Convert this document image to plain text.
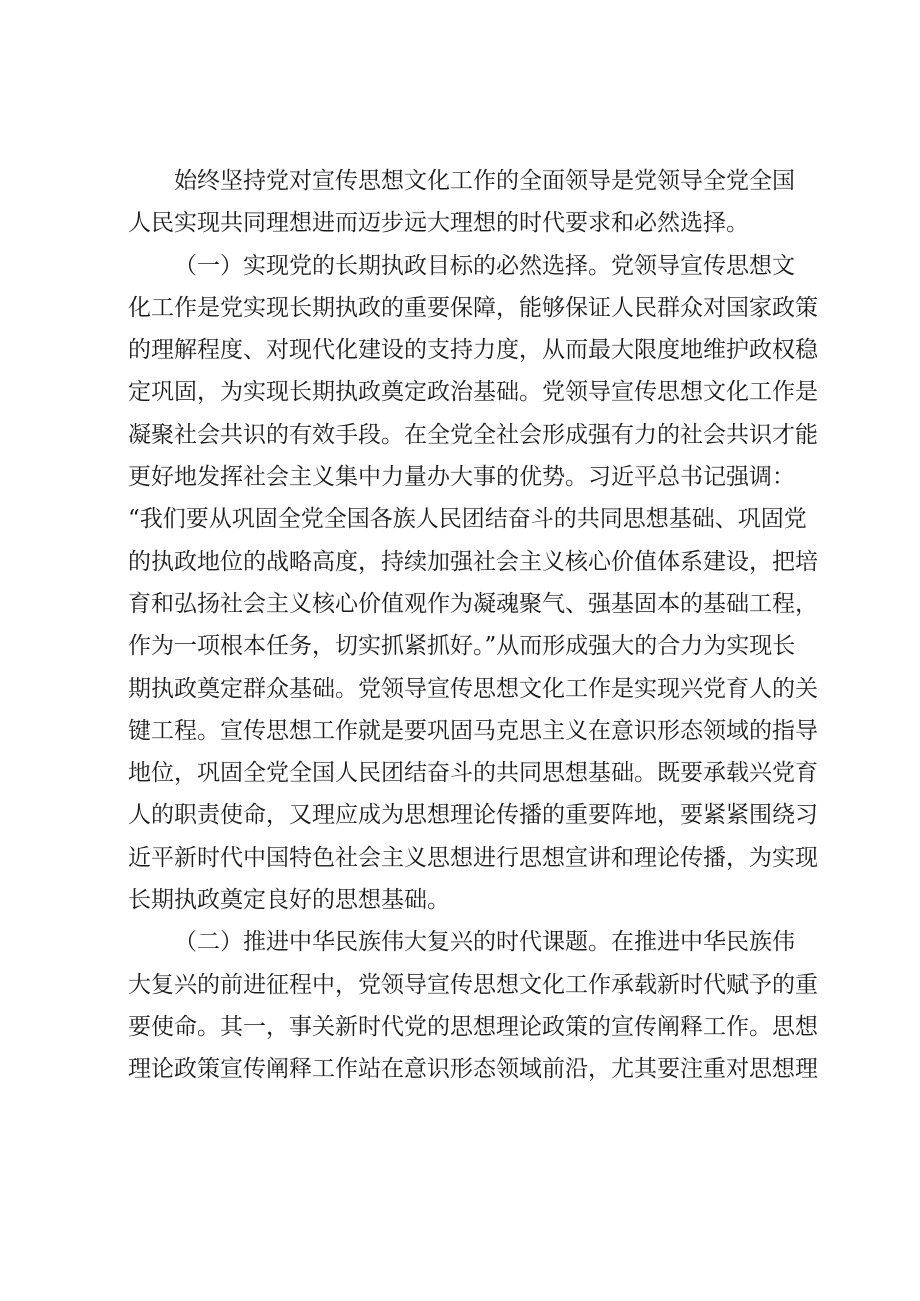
始终坚持党对宣传思想文化工作的全面领导是党领导全党全国
人民实现共同理想进而迈步远大理想的时代要求和必然选择。
（一）实现党的长期执政目标的必然选择。党领导宣传思想文
化工作是党实现长期执政的重要保障，能够保证人民群众对国家政策
的理解程度、对现代化建设的支持力度，从而最大限度地维护政权稳
定巩固，为实现长期执政奠定政治基础。党领导宣传思想文化工作是
凝聚社会共识的有效手段。在全党全社会形成强有力的社会共识才能
更好地发挥社会主义集中力量办大事的优势。习近平总书记强调：
“我们要从巩固全党全国各族人民团结奋斗的共同思想基础、巩固党
的执政地位的战略高度，持续加强社会主义核心价值体系建设，把培
育和弘扬社会主义核心价值观作为凝魂聚气、强基固本的基础工程，
作为一项根本任务，切实抓紧抓好。”从而形成强大的合力为实现长
期执政奠定群众基础。党领导宣传思想文化工作是实现兴党育人的关
键工程。宣传思想工作就是要巩固马克思主义在意识形态领域的指导
地位，巩固全党全国人民团结奋斗的共同思想基础。既要承载兴党育
人的职责使命，又理应成为思想理论传播的重要阵地，要紧紧围绕习
近平新时代中国特色社会主义思想进行思想宣讲和理论传播，为实现
长期执政奠定良好的思想基础。
（二）推进中华民族伟大复兴的时代课题。在推进中华民族伟
大复兴的前进征程中，党领导宣传思想文化工作承载新时代赋予的重
要使命。其一，事关新时代党的思想理论政策的宣传阐释工作。思想
理论政策宣传阐释工作站在意识形态领域前沿，尤其要注重对思想理
